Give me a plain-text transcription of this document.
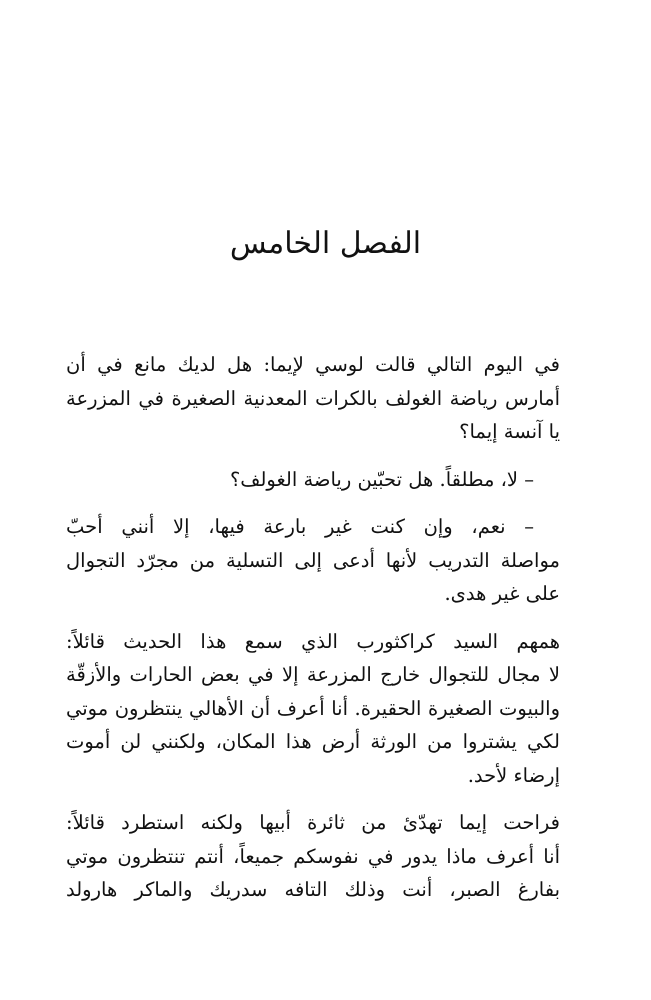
الفصل الخامس

في اليوم التالي قالت لوسي لإيما: هل لديك مانع في أن
أمارس رياضة الغولف بالكرات المعدنية الصغيرة في المزرعة
يا آنسة إيما؟

– لا، مطلقاً. هل تحبّين رياضة الغولف؟

– نعم، وإن كنت غير بارعة فيها، إلا أنني أحبّ
مواصلة التدريب لأنها أدعى إلى التسلية من مجرّد التجوال
على غير هدى.

همهم السيد كراكثورب الذي سمع هذا الحديث قائلاً:
لا مجال للتجوال خارج المزرعة إلا في بعض الحارات والأزقّة
والبيوت الصغيرة الحقيرة. أنا أعرف أن الأهالي ينتظرون موتي
لكي يشتروا من الورثة أرض هذا المكان، ولكنني لن أموت
إرضاء لأحد.

فراحت إيما تهدّئ من ثائرة أبيها ولكنه استطرد قائلاً:
أنا أعرف ماذا يدور في نفوسكم جميعاً، أنتم تنتظرون موتي
بفارغ الصبر، أنت وذلك التافه سدريك والماكر هارولد
